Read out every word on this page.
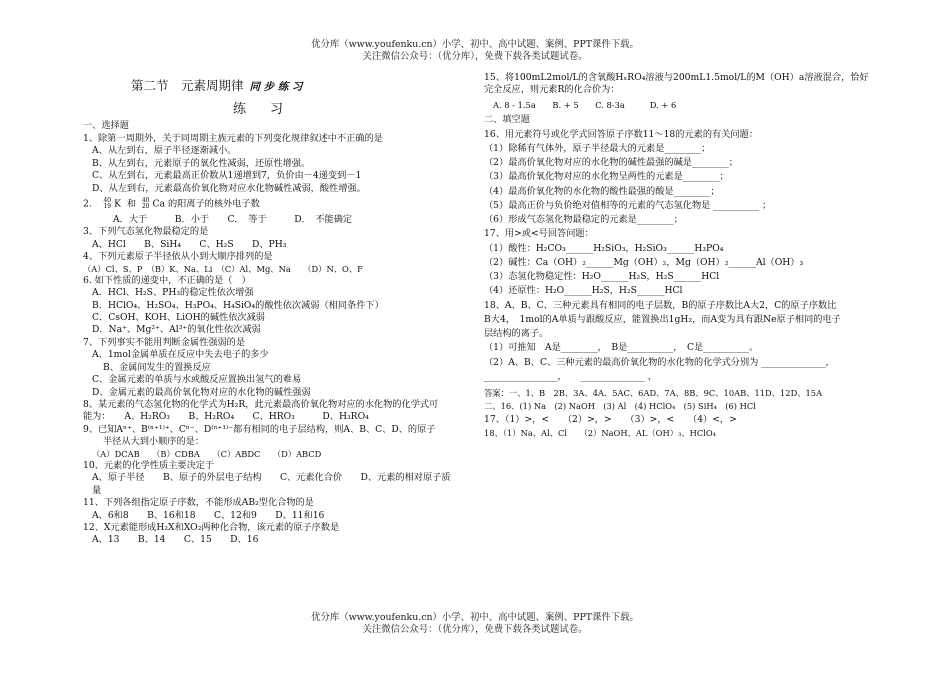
优分库（www.youfenku.cn）小学、初中、高中试题、案例、PPT课件下载。
关注微信公众号：（优分库），免费下载各类试题试卷。
第二节　元素周期律 同 步 练 习
练习
一、选择题
1、除第一周期外，关于同周期主族元素的下列变化规律叙述中不正确的是
A、从左到右，原子半径逐渐减小。
B、从左到右，元素原子的氧化性减弱，还原性增强。
C、从左到右，元素最高正价数从1递增到7，负价由－4递变到－1
D、从左到右，元素最高价氧化物对应水化物碱性减弱，酸性增强。
2. 40
19 K 和 40
20 Ca 的阳离子的核外电子数
A．大于　　　B．小于　　C．　等于　　　D．　不能确定
3、下列气态氢化物最稳定的是
A、HCl　　B、SiH₄　　C、H₂S　　D、PH₃
4、下列元素原子半径依从小到大顺序排列的是
（A）Cl、S、P　（B）K、Na、Li　（C）Al、Mg、Na　　（D）N、O、F
6. 如下性质的递变中，不正确的是（　）
A．HCl、H₂S、PH₃的稳定性依次增强
B．HClO₄、H₂SO₄、H₃PO₄、H₄SiO₄的酸性依次减弱（相同条件下）
C．CsOH、KOH、LiOH的碱性依次减弱
D．Na⁺、Mg²⁺、Al³⁺的氧化性依次减弱
7、下列事实不能用判断金属性强弱的是
A、1mol金属单质在反应中失去电子的多少
B、金属间发生的置换反应
C、金属元素的单质与水或酸反应置换出氢气的难易
D、金属元素的最高价氧化物对应的水化物的碱性强弱
8、某元素的气态氢化物的化学式为H₂R，此元素最高价氧化物对应的水化物的化学式可
能为：　　A、H₂RO₃　　B、H₂RO₄　　C、HRO₃　　　D、H₃RO₄
9、已知Aⁿ⁺、B⁽ⁿ⁺¹⁾⁺、Cⁿ⁻、D⁽ⁿ⁺¹⁾⁻都有相同的电子层结构，则A、B、C、D、的原子
半径从大到小顺序的是：
（A）DCAB　　（B）CDBA　　（C）ABDC　　（D）ABCD
10、元素的化学性质主要决定于
A、原子半径　　B、原子的外层电子结构　　C、元素化合价　　D、元素的相对原子质
量
11、下列各组指定原子序数，不能形成AB₂型化合物的是
A、6和8　　B、16和18　　C、12和9　　D、11和16
12、X元素能形成H₂X和XO₂两种化合物，该元素的原子序数是
A、13　　B、14　　C、15　　D、16
15、将100mL2mol/L的含氧酸HₓRO₄溶液与200mL1.5mol/L的M（OH）a溶液混合，恰好
完全反应，则元素R的化合价为：
A. 8 - 1.5a　　B. + 5　　C. 8-3a　　　D. + 6
二、填空题
16、用元素符号或化学式回答原子序数11～18的元素的有关问题：
（1）除稀有气体外，原子半径最大的元素是________；
（2）最高价氧化物对应的水化物的碱性最强的碱是________；
（3）最高价氧化物对应的水化物呈两性的元素是________；
（4）最高价氧化物的水化物的酸性最强的酸是________；
（5）最高正价与负价绝对值相等的元素的气态氢化物是 __________ ；
（6）形成气态氢化物最稳定的元素是________；
17、用>或<号回答问题：
（1）酸性：H₂CO₃______H₂SiO₃，H₂SiO₃______H₃PO₄
（2）碱性：Ca（OH）₂______Mg（OH）₂，Mg（OH）₂______Al（OH）₃
（3）态氢化物稳定性：H₂O______H₂S，H₂S______HCl
（4）还原性：H₂O______H₂S，H₂S______HCl
18、A、B、C、三种元素具有相同的电子层数，B的原子序数比A大2，C的原子序数比
B大4，　1mol的A单质与跟酸反应，能置换出1gH₂，而A变为具有跟Ne原子相同的电子
层结构的离子。
（1）可推知　A是________，　B是__________，　C是__________。
（2）A、B、C、三种元素的最高价氧化物的水化物的化学式分别为 ______________，
________________，　　______________ ，
答案：一、1、B　2B、3A、4A、5AC、6AD、7A、8B、9C、10AB、11D、12D、15A
二、16、(1) Na　(2) NaOH　(3) Al　(4) HClO₄　(5) SiH₄　(6) HCl
17、（1）>，<　　（2）>，>　　（3）>，<　　（4）<，>
18、（1）Na、Al、Cl　　（2）NaOH、AL（OH）₃、HClO₄
优分库（www.youfenku.cn）小学、初中、高中试题、案例、PPT课件下载。
关注微信公众号：（优分库），免费下载各类试题试卷。
